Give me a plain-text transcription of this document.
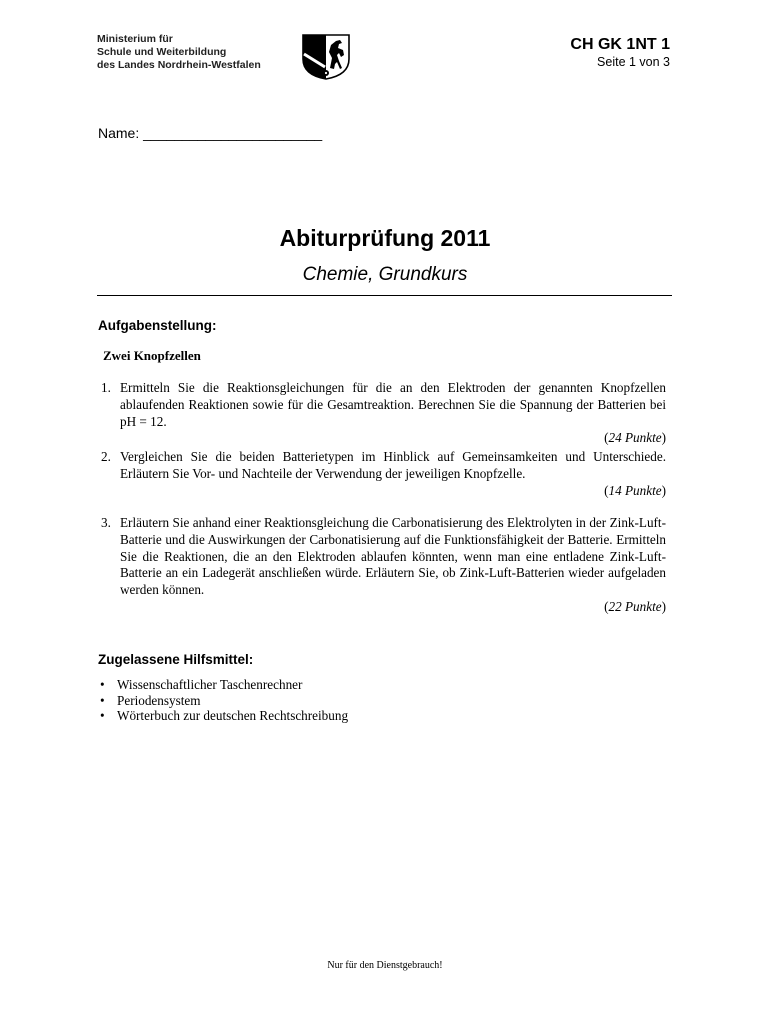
Ministerium für
Schule und Weiterbildung
des Landes Nordrhein-Westfalen
CH GK 1NT 1
Seite 1 von 3
Name: _______________________
Abiturprüfung 2011
Chemie, Grundkurs
Aufgabenstellung:
Zwei Knopfzellen
1. Ermitteln Sie die Reaktionsgleichungen für die an den Elektroden der genannten Knopfzellen ablaufenden Reaktionen sowie für die Gesamtreaktion. Berechnen Sie die Spannung der Batterien bei pH = 12.
(24 Punkte)
2. Vergleichen Sie die beiden Batterietypen im Hinblick auf Gemeinsamkeiten und Unterschiede. Erläutern Sie Vor- und Nachteile der Verwendung der jeweiligen Knopfzelle.
(14 Punkte)
3. Erläutern Sie anhand einer Reaktionsgleichung die Carbonatisierung des Elektrolyten in der Zink-Luft-Batterie und die Auswirkungen der Carbonatisierung auf die Funktionsfähigkeit der Batterie. Ermitteln Sie die Reaktionen, die an den Elektroden ablaufen könnten, wenn man eine entladene Zink-Luft-Batterie an ein Ladegerät anschließen würde. Erläutern Sie, ob Zink-Luft-Batterien wieder aufgeladen werden können.
(22 Punkte)
Zugelassene Hilfsmittel:
• Wissenschaftlicher Taschenrechner
• Periodensystem
• Wörterbuch zur deutschen Rechtschreibung
Nur für den Dienstgebrauch!
